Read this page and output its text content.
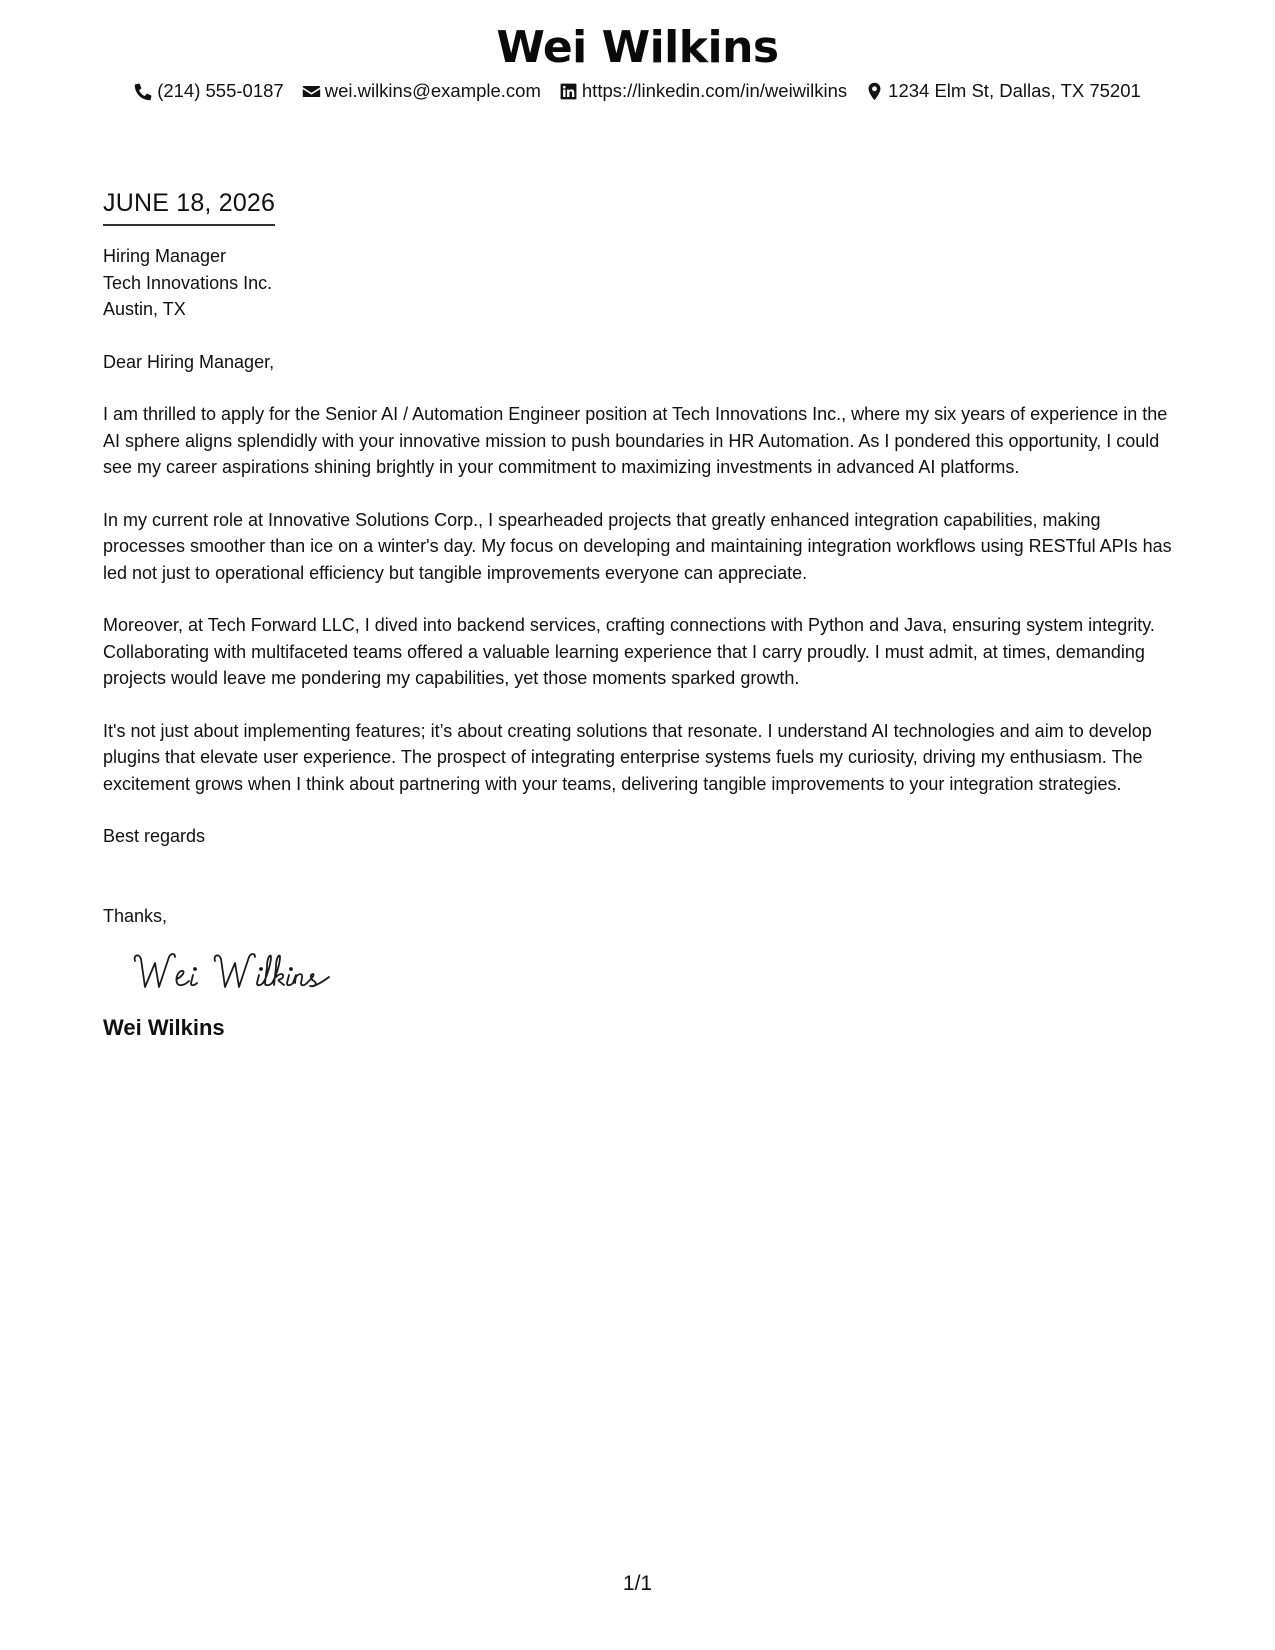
Wei Wilkins
(214) 555-0187 wei.wilkins@example.com https://linkedin.com/in/weiwilkins 1234 Elm St, Dallas, TX 75201
JUNE 18, 2026
Hiring Manager
Tech Innovations Inc.
Austin, TX
Dear Hiring Manager,

I am thrilled to apply for the Senior AI / Automation Engineer position at Tech Innovations Inc., where my six years of experience in the AI sphere aligns splendidly with your innovative mission to push boundaries in HR Automation. As I pondered this opportunity, I could see my career aspirations shining brightly in your commitment to maximizing investments in advanced AI platforms.

In my current role at Innovative Solutions Corp., I spearheaded projects that greatly enhanced integration capabilities, making processes smoother than ice on a winter's day. My focus on developing and maintaining integration workflows using RESTful APIs has led not just to operational efficiency but tangible improvements everyone can appreciate.

Moreover, at Tech Forward LLC, I dived into backend services, crafting connections with Python and Java, ensuring system integrity. Collaborating with multifaceted teams offered a valuable learning experience that I carry proudly. I must admit, at times, demanding projects would leave me pondering my capabilities, yet those moments sparked growth.

It's not just about implementing features; it’s about creating solutions that resonate. I understand AI technologies and aim to develop plugins that elevate user experience. The prospect of integrating enterprise systems fuels my curiosity, driving my enthusiasm. The excitement grows when I think about partnering with your teams, delivering tangible improvements to your integration strategies.

Best regards
Thanks,
Wei Wilkins
1/1
